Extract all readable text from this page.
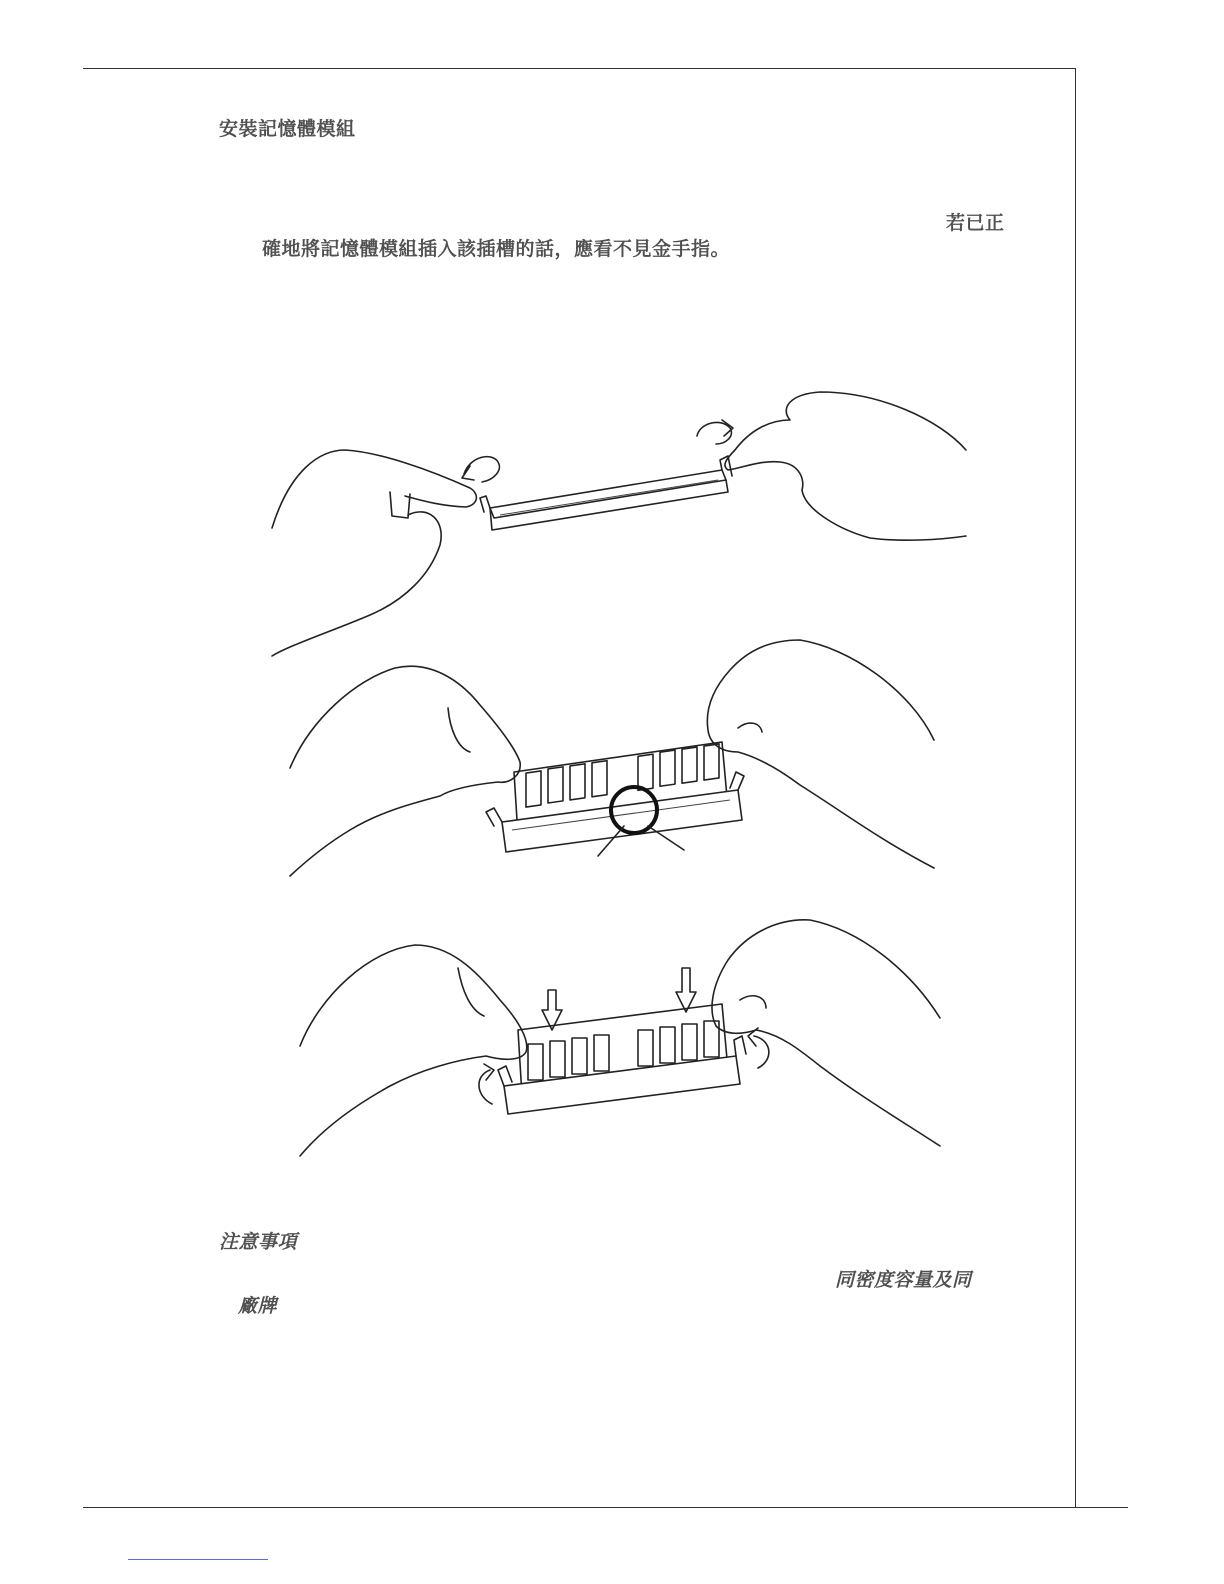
安裝記憶體模組
若已正
確地將記憶體模組插入該插槽的話，應看不見金手指。
注意事項
同密度容量及同
廠牌
